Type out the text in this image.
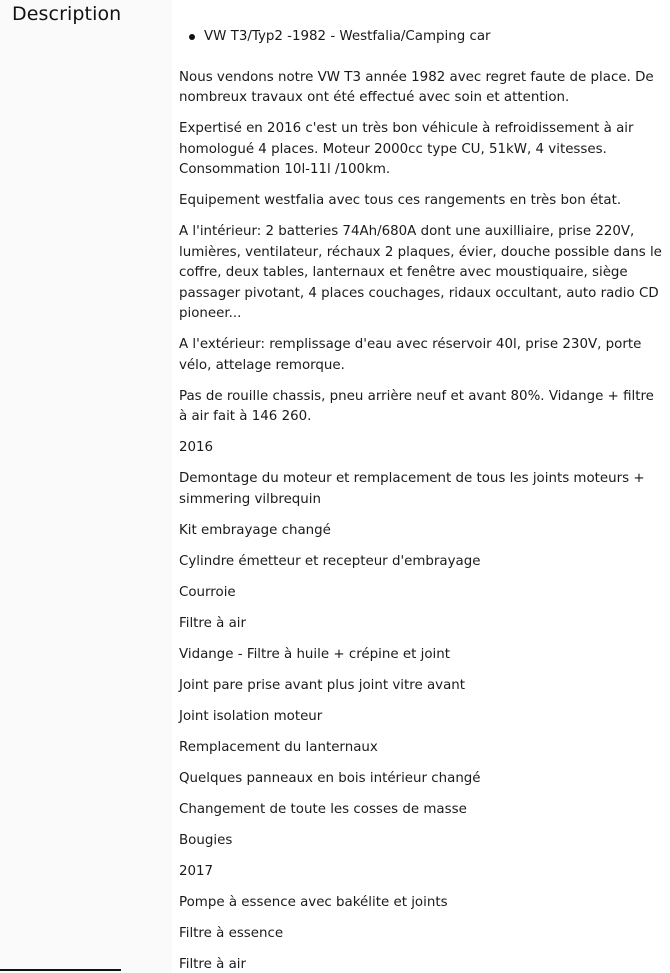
Description
VW T3/Typ2 -1982 - Westfalia/Camping car

Nous vendons notre VW T3 année 1982 avec regret faute de place. De nombreux travaux ont été effectué avec soin et attention.

Expertisé en 2016 c'est un très bon véhicule à refroidissement à air homologué 4 places. Moteur 2000cc type CU, 51kW, 4 vitesses. Consommation 10l-11l /100km.

Equipement westfalia avec tous ces rangements en très bon état.

A l'intérieur: 2 batteries 74Ah/680A dont une auxilliaire, prise 220V, lumières, ventilateur, réchaux 2 plaques, évier, douche possible dans le coffre, deux tables, lanternaux et fenêtre avec moustiquaire, siège passager pivotant, 4 places couchages, ridaux occultant, auto radio CD pioneer...

A l'extérieur: remplissage d'eau avec réservoir 40l, prise 230V, porte vélo, attelage remorque.

Pas de rouille chassis, pneu arrière neuf et avant 80%. Vidange + filtre à air fait à 146 260.

2016

Demontage du moteur et remplacement de tous les joints moteurs + simmering vilbrequin

Kit embrayage changé

Cylindre émetteur et recepteur d'embrayage

Courroie

Filtre à air

Vidange - Filtre à huile + crépine et joint

Joint pare prise avant plus joint vitre avant

Joint isolation moteur

Remplacement du lanternaux

Quelques panneaux en bois intérieur changé

Changement de toute les cosses de masse

Bougies

2017

Pompe à essence avec bakélite et joints

Filtre à essence

Filtre à air
